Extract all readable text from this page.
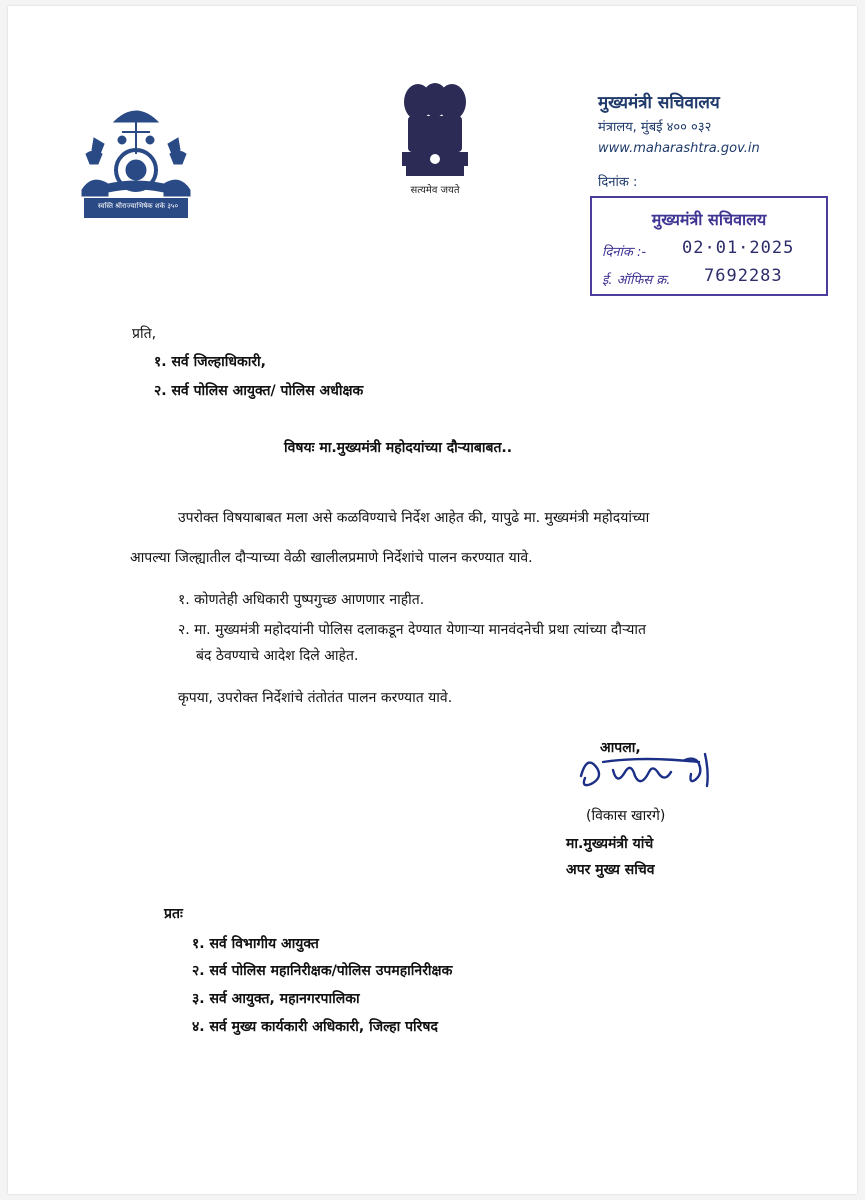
स्वस्ति श्रीराज्याभिषेक शके ३५०
सत्यमेव जयते
मुख्यमंत्री सचिवालय
मंत्रालय, मुंबई ४०० ०३२
www.maharashtra.gov.in
दिनांक :
मुख्यमंत्री सचिवालय
दिनांक :- 02·01·2025
ई. ऑफिस क्र. 7692283
प्रति,
१. सर्व जिल्हाधिकारी,
२. सर्व पोलिस आयुक्त/ पोलिस अधीक्षक
विषयः मा.मुख्यमंत्री महोदयांच्या दौऱ्याबाबत..
उपरोक्त विषयाबाबत मला असे कळविण्याचे निर्देश आहेत की, यापुढे मा. मुख्यमंत्री महोदयांच्या
आपल्या जिल्ह्यातील दौऱ्याच्या वेळी खालीलप्रमाणे निर्देशांचे पालन करण्यात यावे.
१. कोणतेही अधिकारी पुष्पगुच्छ आणणार नाहीत.
२. मा. मुख्यमंत्री महोदयांनी पोलिस दलाकडून देण्यात येणाऱ्या मानवंदनेची प्रथा त्यांच्या दौऱ्यात
बंद ठेवण्याचे आदेश दिले आहेत.
कृपया, उपरोक्त निर्देशांचे तंतोतंत पालन करण्यात यावे.
आपला,
(विकास खारगे)
मा.मुख्यमंत्री यांचे
अपर मुख्य सचिव
प्रतः
१. सर्व विभागीय आयुक्त
२. सर्व पोलिस महानिरीक्षक/पोलिस उपमहानिरीक्षक
३. सर्व आयुक्त, महानगरपालिका
४. सर्व मुख्य कार्यकारी अधिकारी, जिल्हा परिषद
